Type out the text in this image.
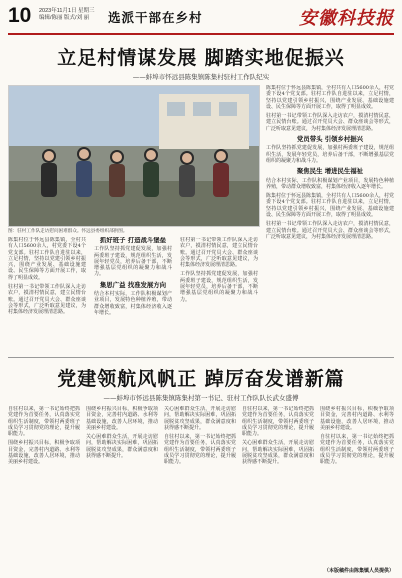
10 2023年11月1日 星期三
编辑/陈丽 版式/刘 丽	选派干部在乡村	安徽科技报
立足村情谋发展 脚踏实地促振兴
——蚌埠市怀远县陈集镇陈集村驻村工作队纪实
图：驻村工作队走访慰问困难群众。怀远县委组织部供图。

陈集村位于怀远县陈集镇，全村共有人口5600余人，村党委下设4个党支部。驻村工作队自进驻以来，立足村情，坚持以党建引领乡村振兴，围绕产业发展、基础设施建设、民生保障等方面开展工作，取得了明显成效。

驻村第一书记带领工作队深入走访农户，摸清村情民意，建立民情台账。通过召开党员大会、群众座谈会等形式，广泛听取意见建议，为村集体经济发展理清思路。

党员带头 引领乡村振兴

工作队坚持抓党建促发展，加强村两委班子建设，规范组织生活，发展年轻党员，培养后备干部，不断增强基层党组织的凝聚力和战斗力。

聚焦民生 增进民生福祉

结合本村实际，工作队积极谋划产业项目，发展特色种植养殖，带动群众增收致富，村集体经济收入逐年增长。

陈集村位于怀远县陈集镇，全村共有人口5600余人，村党委下设4个党支部。驻村工作队自进驻以来，立足村情，坚持以党建引领乡村振兴，围绕产业发展、基础设施建设、民生保障等方面开展工作，取得了明显成效。

驻村第一书记带领工作队深入走访农户，摸清村情民意，建立民情台账。通过召开党员大会、群众座谈会等形式，广泛听取意见建议，为村集体经济发展理清思路。

陈集村位于怀远县陈集镇，全村共有人口5600余人，村党委下设4个党支部。驻村工作队自进驻以来，立足村情，坚持以党建引领乡村振兴，围绕产业发展、基础设施建设、民生保障等方面开展工作，取得了明显成效。

驻村第一书记带领工作队深入走访农户，摸清村情民意，建立民情台账。通过召开党员大会、群众座谈会等形式，广泛听取意见建议，为村集体经济发展理清思路。

抓好班子 打造战斗堡垒

工作队坚持抓党建促发展，加强村两委班子建设，规范组织生活，发展年轻党员，培养后备干部，不断增强基层党组织的凝聚力和战斗力。

集思广益 找准发展方向

结合本村实际，工作队积极谋划产业项目，发展特色种植养殖，带动群众增收致富，村集体经济收入逐年增长。

驻村第一书记带领工作队深入走访农户，摸清村情民意，建立民情台账。通过召开党员大会、群众座谈会等形式，广泛听取意见建议，为村集体经济发展理清思路。

工作队坚持抓党建促发展，加强村两委班子建设，规范组织生活，发展年轻党员，培养后备干部，不断增强基层党组织的凝聚力和战斗力。

党建领航风帆正 踔厉奋发谱新篇
——蚌埠市怀远县陈集镇陈集村第一书记、驻村工作队队长武女盛傅

自驻村以来，第一书记始终把抓党建作为首要任务，认真落实党组织生活制度，带领村两委班子成员学习贯彻党的理论，提升履职能力。

围绕乡村振兴目标，积极争取项目资金，完善村内道路、水利等基础设施，改善人居环境，推动美丽乡村建设。

围绕乡村振兴目标，积极争取项目资金，完善村内道路、水利等基础设施，改善人居环境，推动美丽乡村建设。

关心困难群众生活，开展走访慰问，帮助解决实际困难，巩固拓展脱贫攻坚成果，群众满意度和获得感不断提升。

关心困难群众生活，开展走访慰问，帮助解决实际困难，巩固拓展脱贫攻坚成果，群众满意度和获得感不断提升。

自驻村以来，第一书记始终把抓党建作为首要任务，认真落实党组织生活制度，带领村两委班子成员学习贯彻党的理论，提升履职能力。

自驻村以来，第一书记始终把抓党建作为首要任务，认真落实党组织生活制度，带领村两委班子成员学习贯彻党的理论，提升履职能力。

关心困难群众生活，开展走访慰问，帮助解决实际困难，巩固拓展脱贫攻坚成果，群众满意度和获得感不断提升。

围绕乡村振兴目标，积极争取项目资金，完善村内道路、水利等基础设施，改善人居环境，推动美丽乡村建设。

自驻村以来，第一书记始终把抓党建作为首要任务，认真落实党组织生活制度，带领村两委班子成员学习贯彻党的理论，提升履职能力。

（本版稿件由陈集镇人员提供）
